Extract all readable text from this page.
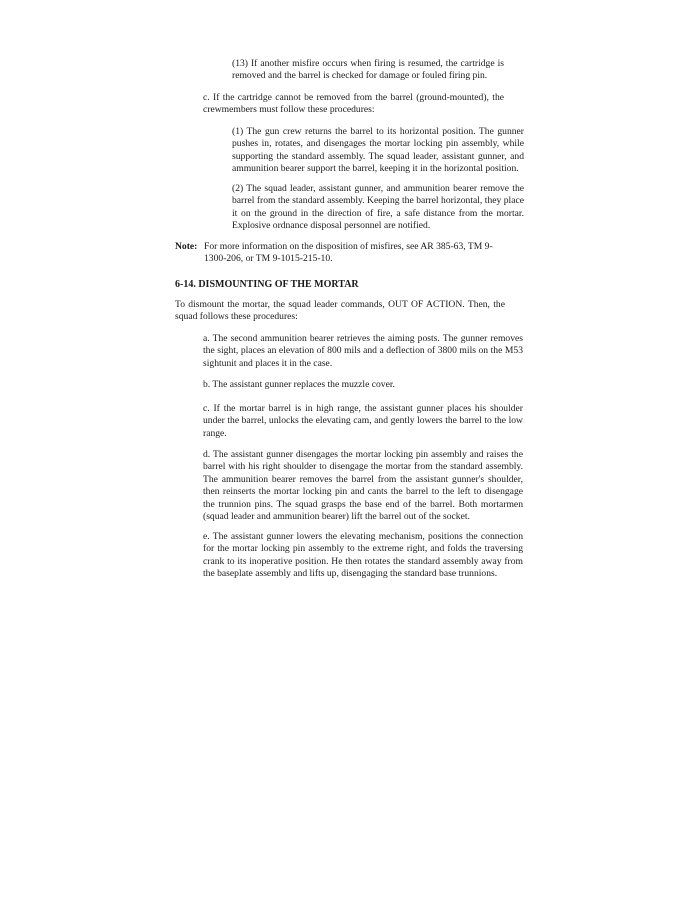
(13) If another misfire occurs when firing is resumed, the cartridge is removed and the barrel is checked for damage or fouled firing pin.

c. If the cartridge cannot be removed from the barrel (ground-mounted), the crewmembers must follow these procedures:

(1) The gun crew returns the barrel to its horizontal position. The gunner pushes in, rotates, and disengages the mortar locking pin assembly, while supporting the standard assembly. The squad leader, assistant gunner, and ammunition bearer support the barrel, keeping it in the horizontal position.

(2) The squad leader, assistant gunner, and ammunition bearer remove the barrel from the standard assembly. Keeping the barrel horizontal, they place it on the ground in the direction of fire, a safe distance from the mortar. Explosive ordnance disposal personnel are notified.

Note: For more information on the disposition of misfires, see AR 385-63, TM 9-1300-206, or TM 9-1015-215-10.

6-14. DISMOUNTING OF THE MORTAR

To dismount the mortar, the squad leader commands, OUT OF ACTION. Then, the squad follows these procedures:

a. The second ammunition bearer retrieves the aiming posts. The gunner removes the sight, places an elevation of 800 mils and a deflection of 3800 mils on the M53 sightunit and places it in the case.

b. The assistant gunner replaces the muzzle cover.

c. If the mortar barrel is in high range, the assistant gunner places his shoulder under the barrel, unlocks the elevating cam, and gently lowers the barrel to the low range.

d. The assistant gunner disengages the mortar locking pin assembly and raises the barrel with his right shoulder to disengage the mortar from the standard assembly. The ammunition bearer removes the barrel from the assistant gunner's shoulder, then reinserts the mortar locking pin and cants the barrel to the left to disengage the trunnion pins. The squad grasps the base end of the barrel. Both mortarmen (squad leader and ammunition bearer) lift the barrel out of the socket.

e. The assistant gunner lowers the elevating mechanism, positions the connection for the mortar locking pin assembly to the extreme right, and folds the traversing crank to its inoperative position. He then rotates the standard assembly away from the baseplate assembly and lifts up, disengaging the standard base trunnions.
